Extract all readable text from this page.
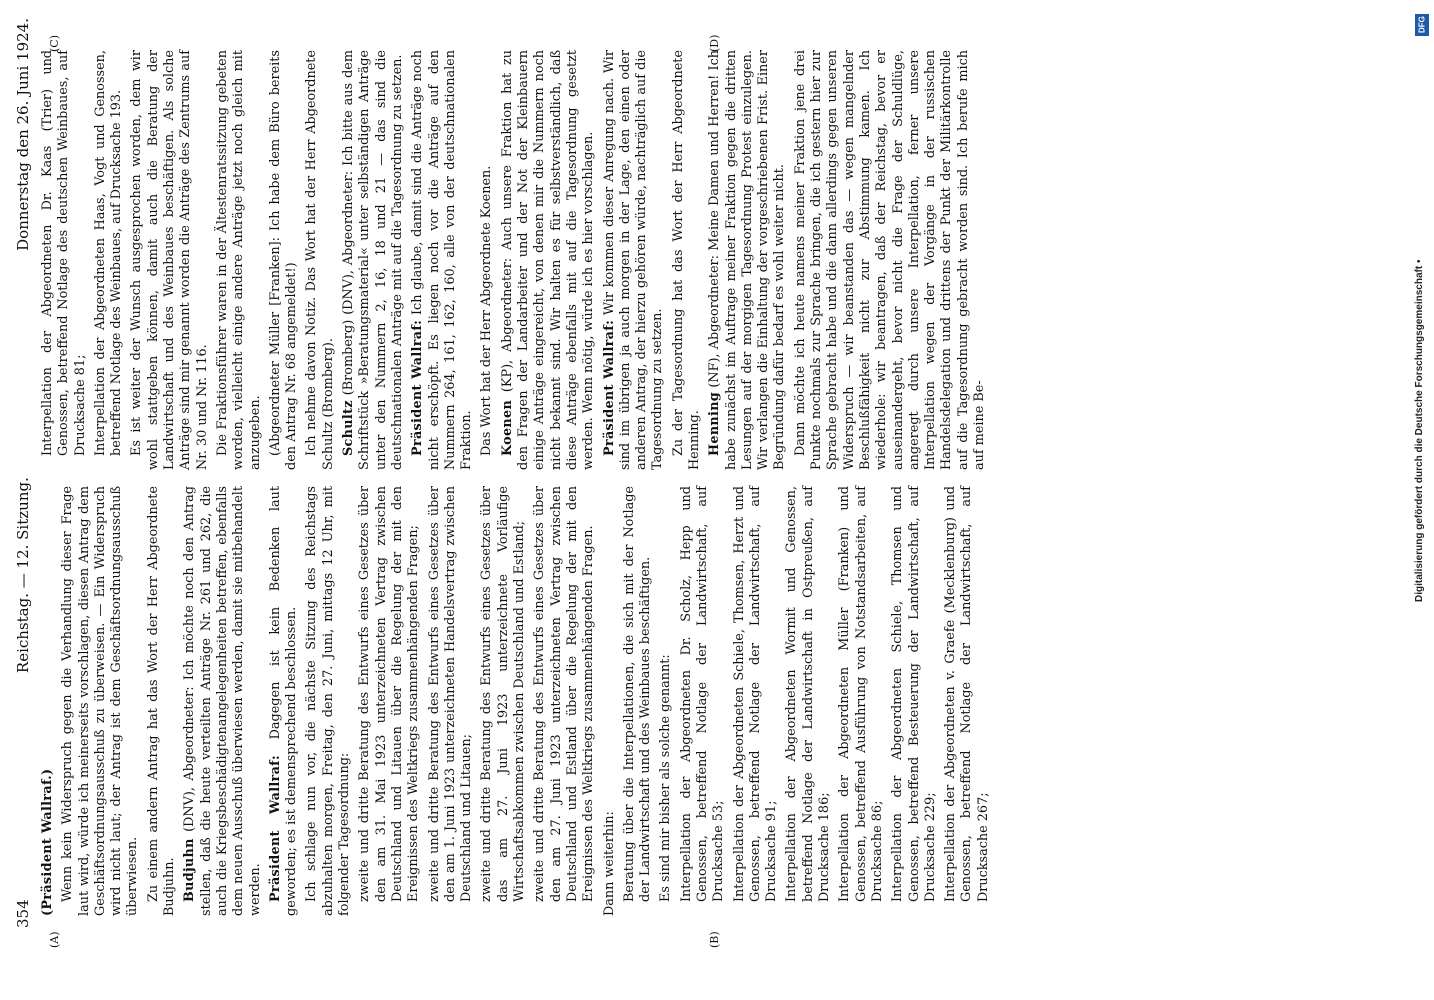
354
Reichstag. — 12. Sitzung.
Donnerstag den 26. Juni 1924.
(A)	(B)
(C)	(D)

(Präsident Wallraf.) Wenn kein Widerspruch gegen die Verhandlung dieser Frage laut wird, würde ich meinerseits vorschlagen, diesen Antrag dem Geschäftsordnungsausschuß zu überweisen. — Ein Widerspruch wird nicht laut; der Antrag ist dem Geschäftsordnungsausschuß überwiesen. Zu einem andern Antrag hat das Wort der Herr Abgeordnete Budjuhn. Budjuhn (DNV), Abgeordneter: Ich möchte noch den Antrag stellen, daß die heute verteilten Anträge Nr. 261 und 262, die auch die Kriegsbeschädigtenangelegenheiten betreffen, ebenfalls dem neuen Ausschuß überwiesen werden, damit sie mitbehandelt werden. Präsident Wallraf: Dagegen ist kein Bedenken laut geworden; es ist demensprechend beschlossen. Ich schlage nun vor, die nächste Sitzung des Reichstags abzuhalten morgen, Freitag, den 27. Juni, mittags 12 Uhr, mit folgender Tagesordnung: zweite und dritte Beratung des Entwurfs eines Gesetzes über den am 31. Mai 1923 unterzeichneten Vertrag zwischen Deutschland und Litauen über die Regelung der mit den Ereignissen des Weltkriegs zusammenhängenden Fragen; zweite und dritte Beratung des Entwurfs eines Gesetzes über den am 1. Juni 1923 unterzeichneten Handelsvertrag zwischen Deutschland und Litauen; zweite und dritte Beratung des Entwurfs eines Gesetzes über das am 27. Juni 1923 unterzeichnete Vorläufige Wirtschaftsabkommen zwischen Deutschland und Estland; zweite und dritte Beratung des Entwurfs eines Gesetzes über den am 27. Juni 1923 unterzeichneten Vertrag zwischen Deutschland und Estland über die Regelung der mit den Ereignissen des Weltkriegs zusammenhängenden Fragen. Dann weiterhin: Beratung über die Interpellationen, die sich mit der Notlage der Landwirtschaft und des Weinbaues beschäftigen. Es sind mir bisher als solche genannt: Interpellation der Abgeordneten Dr. Scholz, Hepp und Genossen, betreffend Notlage der Landwirtschaft, auf Drucksache 53; Interpellation der Abgeordneten Schiele, Thomsen, Herzt und Genossen, betreffend Notlage der Landwirtschaft, auf Drucksache 91; Interpellation der Abgeordneten Wormit und Genossen, betreffend Notlage der Landwirtschaft in Ostpreußen, auf Drucksache 186; Interpellation der Abgeordneten Müller (Franken) und Genossen, betreffend Ausführung von Notstandsarbeiten, auf Drucksache 86; Interpellation der Abgeordneten Schiele, Thomsen und Genossen, betreffend Besteuerung der Landwirtschaft, auf Drucksache 229; Interpellation der Abgeordneten v. Graefe (Mecklenburg) und Genossen, betreffend Notlage der Landwirtschaft, auf Drucksache 267;

Interpellation der Abgeordneten Dr. Kaas (Trier) und Genossen, betreffend Notlage des deutschen Weinbaues, auf Drucksache 81; Interpellation der Abgeordneten Haas, Vogt und Genossen, betreffend Notlage des Weinbaues, auf Drucksache 193. Es ist weiter der Wunsch ausgesprochen worden, dem wir wohl stattgeben können, damit auch die Beratung der Landwirtschaft und des Weinbaues beschäftigen. Als solche Anträge sind mir genannt worden die Anträge des Zentrums auf Nr. 30 und Nr. 116. Die Fraktionsführer waren in der Ältestenratssitzung gebeten worden, vielleicht einige andere Anträge jetzt noch gleich mit anzugeben. (Abgeordneter Müller [Franken]: Ich habe dem Büro bereits den Antrag Nr. 68 angemeldet!) Ich nehme davon Notiz. Das Wort hat der Herr Abgeordnete Schultz (Bromberg). Schultz (Bromberg) (DNV), Abgeordneter: Ich bitte aus dem Schriftstück »Beratungsmaterial« unter selbständigen Anträge unter den Nummern 2, 16, 18 und 21 — das sind die deutschnationalen Anträge mit auf die Tagesordnung zu setzen. Präsident Wallraf: Ich glaube, damit sind die Anträge noch nicht erschöpft. Es liegen noch vor die Anträge auf den Nummern 264, 161, 162, 160, alle von der deutschnationalen Fraktion. Das Wort hat der Herr Abgeordnete Koenen. Koenen (KP), Abgeordneter: Auch unsere Fraktion hat zu den Fragen der Landarbeiter und der Not der Kleinbauern einige Anträge eingereicht, von denen mir die Nummern noch nicht bekannt sind. Wir halten es für selbstverständlich, daß diese Anträge ebenfalls mit auf die Tagesordnung gesetzt werden. Wenn nötig, würde ich es hier vorschlagen. Präsident Wallraf: Wir kommen dieser Anregung nach. Wir sind im übrigen ja auch morgen in der Lage, den einen oder anderen Antrag, der hierzu gehören würde, nachträglich auf die Tagesordnung zu setzen. Zu der Tagesordnung hat das Wort der Herr Abgeordnete Henning. Henning (NF), Abgeordneter: Meine Damen und Herren! Ich habe zunächst im Auftrage meiner Fraktion gegen die dritten Lesungen auf der morgigen Tagesordnung Protest einzulegen. Wir verlangen die Einhaltung der vorgeschriebenen Frist. Einer Begründung dafür bedarf es wohl weiter nicht. Dann möchte ich heute namens meiner Fraktion jene drei Punkte nochmals zur Sprache bringen, die ich gestern hier zur Sprache gebracht habe und die dann allerdings gegen unseren Widerspruch — wir beanstanden das — wegen mangelnder Beschlußfähigkeit nicht zur Abstimmung kamen. Ich wiederhole: wir beantragen, daß der Reichstag, bevor er auseinandergeht, bevor nicht die Frage der Schuldlüge, angeregt durch unsere Interpellation, ferner unsere Interpellation wegen der Vorgänge in der russischen Handelsdelegation und drittens der Punkt der Militärkontrolle auf die Tagesordnung gebracht worden sind. Ich berufe mich auf meine Be-

DFG
Digitalisierung gefördert durch die Deutsche Forschungsgemeinschaft •
